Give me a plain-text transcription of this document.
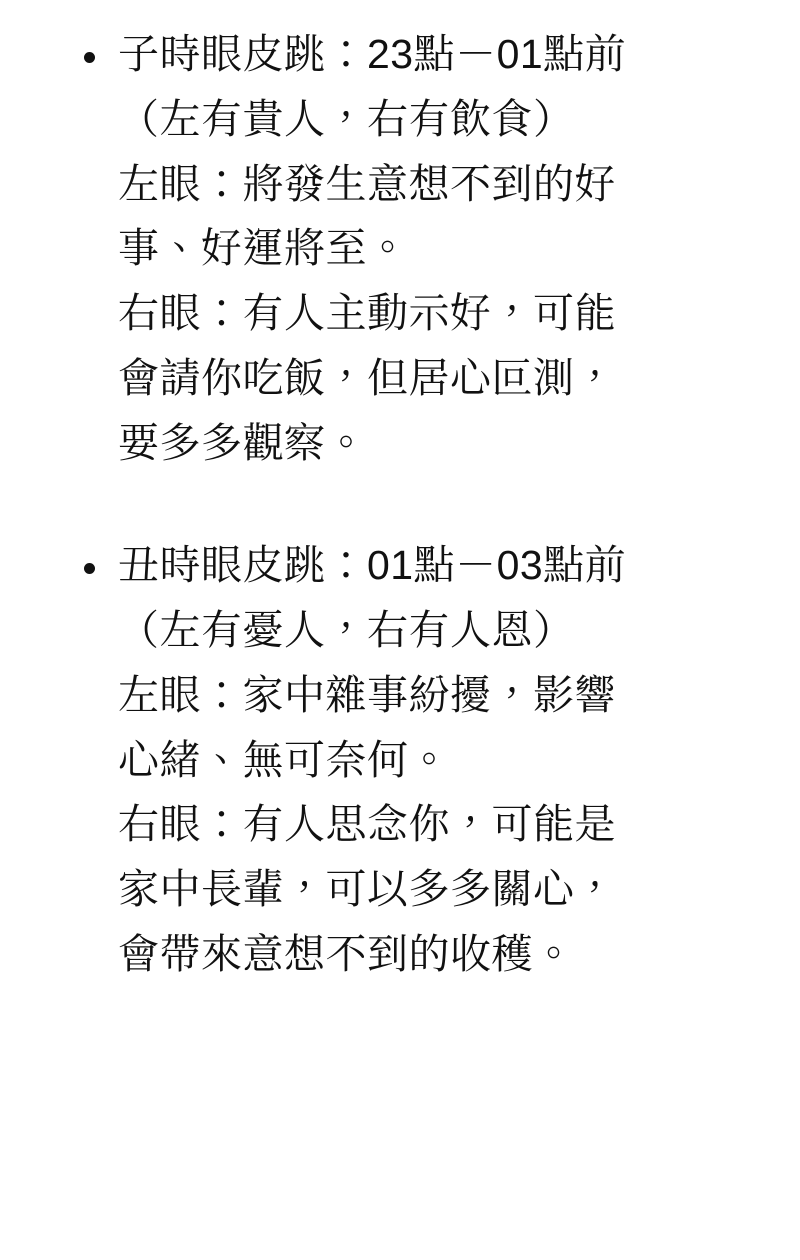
子時眼皮跳：23點－01點前
（左有貴人，右有飲食）
左眼：將發生意想不到的好
事、好運將至。
右眼：有人主動示好，可能
會請你吃飯，但居心叵測，
要多多觀察。
丑時眼皮跳：01點－03點前
（左有憂人，右有人恩）
左眼：家中雜事紛擾，影響
心緒、無可奈何。
右眼：有人思念你，可能是
家中長輩，可以多多關心，
會帶來意想不到的收穫。
